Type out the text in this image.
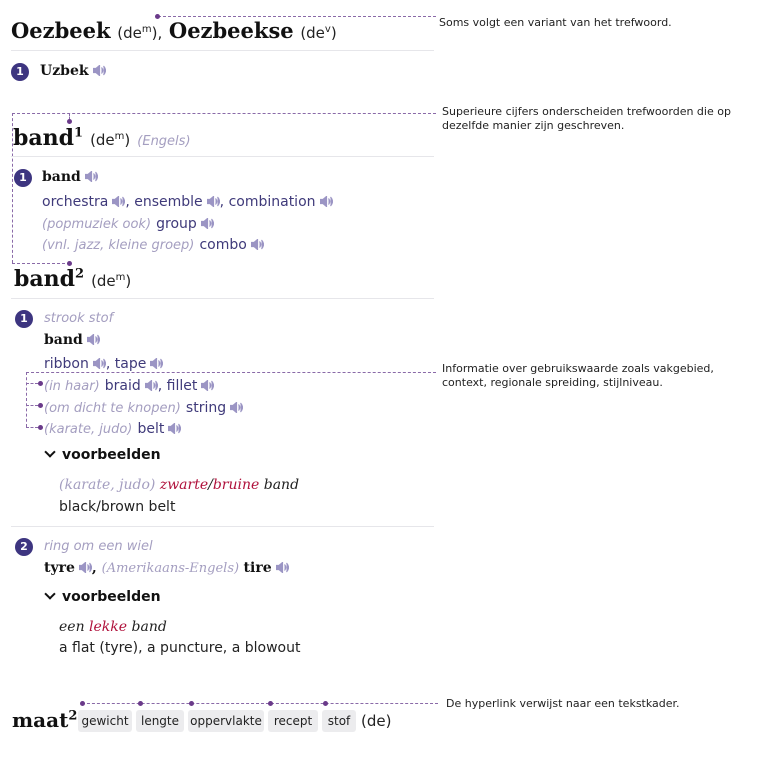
Soms volgt een variant van het trefwoord.
Superieure cijfers onderscheiden trefwoorden die op dezelfde manier zijn geschreven.
Informatie over gebruikswaarde zoals vakgebied, context, regionale spreiding, stijlniveau.
De hyperlink verwijst naar een tekstkader.
Oezbeek $(de^m)$, Oezbeekse $(de^v)$
1	Uzbek
band$^1$ $(de^m)$ (Engels)
1	band
orchestra , ensemble , combination
(popmuziek ook) group
(vnl. jazz, kleine groep) combo
band$^2$ $(de^m)$
1	strook stof
band
ribbon , tape
(in haar) braid , fillet
(om dicht te knopen) string
(karate, judo) belt
voorbeelden
(karate, judo) zwarte/bruine band
black/brown belt
2	ring om een wiel
tyre , (Amerikaans-Engels) tire
voorbeelden
een lekke band
a flat (tyre), a puncture, a blowout
maat$^2$ gewicht	lengte oppervlakte recept	stof (de)
